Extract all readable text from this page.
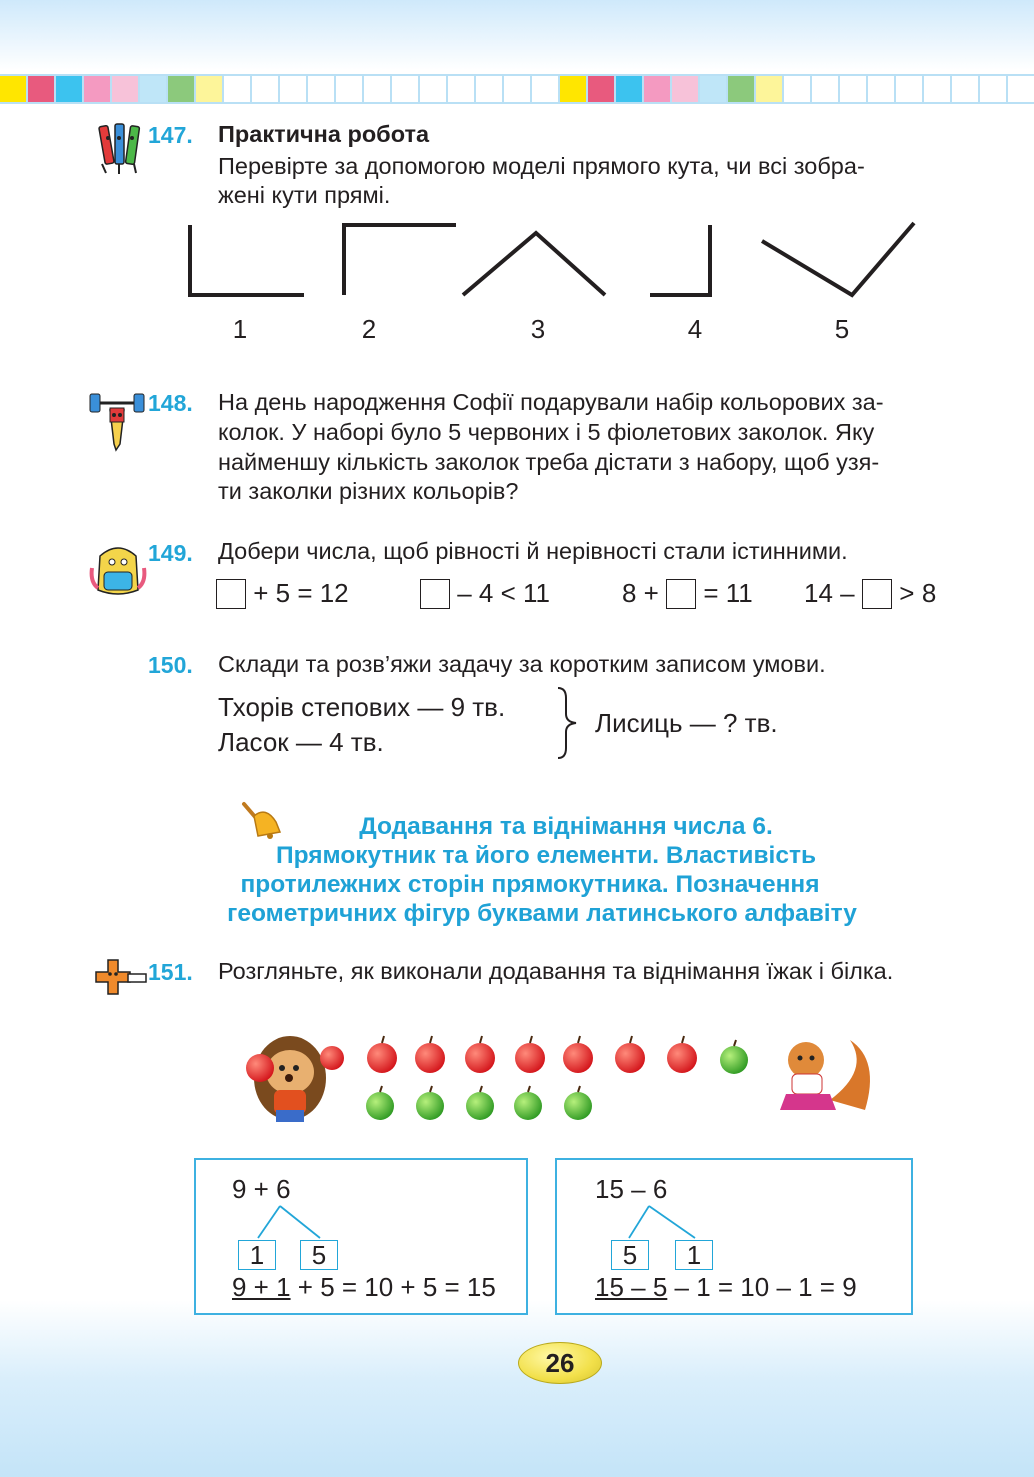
147. Практична робота
Перевірте за допомогою моделі прямого кута, чи всі зобра-
жені кути прямі.
1	2	3	4	5
148. На день народження Софії подарували набір кольорових за-
колок. У наборі було 5 червоних і 5 фіолетових заколок. Яку
найменшу кількість заколок треба дістати з набору, щоб узя-
ти заколки різних кольорів?
149. Добери числа, щоб рівності й нерівності стали істинними.
+ 5 = 12	– 4 < 11	8 + = 11 14 – > 8
150. Склади та розв’яжи задачу за коротким записом умови.
Тхорів степових — 9 тв.
Ласок — 4 тв.
Лисиць — ? тв.
Додавання та віднімання числа 6.
Прямокутник та його елементи. Властивість
протилежних сторін прямокутника. Позначення
геометричних фігур буквами латинського алфавіту
151. Розгляньте, як виконали додавання та віднімання їжак і білка.
9 + 6
1	5
9 + 1 + 5 = 10 + 5 = 15
15 – 6
5	1
15 – 5 – 1 = 10 – 1 = 9
26
